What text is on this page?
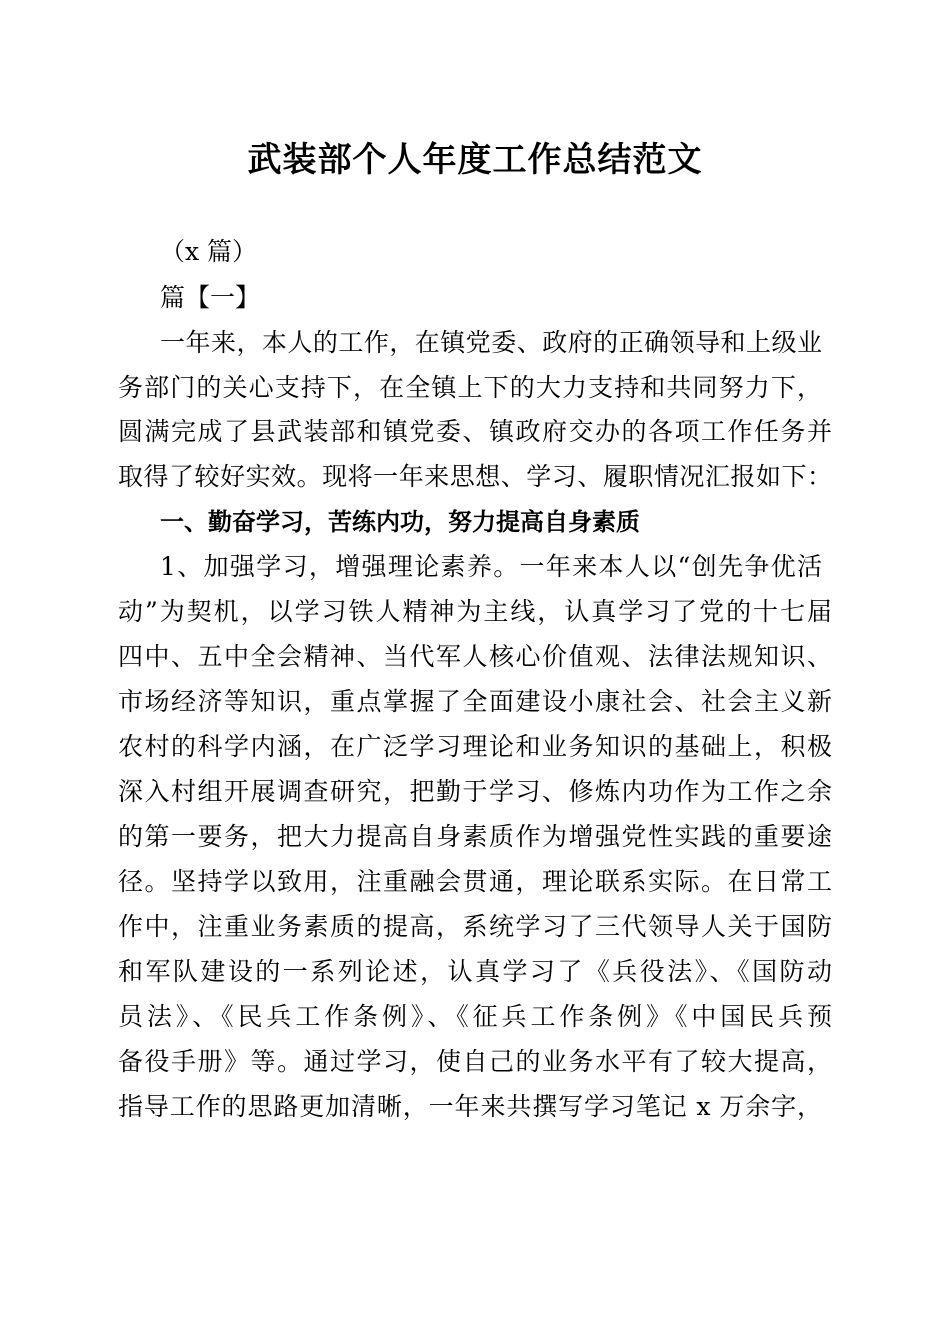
武装部个人年度工作总结范文
（x 篇）
篇【一】
一年来，本人的工作，在镇党委、政府的正确领导和上级业
务部门的关心支持下，在全镇上下的大力支持和共同努力下，
圆满完成了县武装部和镇党委、镇政府交办的各项工作任务并
取得了较好实效。现将一年来思想、学习、履职情况汇报如下：
一、勤奋学习，苦练内功，努力提高自身素质
1、加强学习，增强理论素养。一年来本人以“创先争优活
动”为契机，以学习铁人精神为主线，认真学习了党的十七届
四中、五中全会精神、当代军人核心价值观、法律法规知识、
市场经济等知识，重点掌握了全面建设小康社会、社会主义新
农村的科学内涵，在广泛学习理论和业务知识的基础上，积极
深入村组开展调查研究，把勤于学习、修炼内功作为工作之余
的第一要务，把大力提高自身素质作为增强党性实践的重要途
径。坚持学以致用，注重融会贯通，理论联系实际。在日常工
作中，注重业务素质的提高，系统学习了三代领导人关于国防
和军队建设的一系列论述，认真学习了《兵役法》、《国防动
员法》、《民兵工作条例》、《征兵工作条例》《中国民兵预
备役手册》等。通过学习，使自己的业务水平有了较大提高，
指导工作的思路更加清晰，一年来共撰写学习笔记 x 万余字，
